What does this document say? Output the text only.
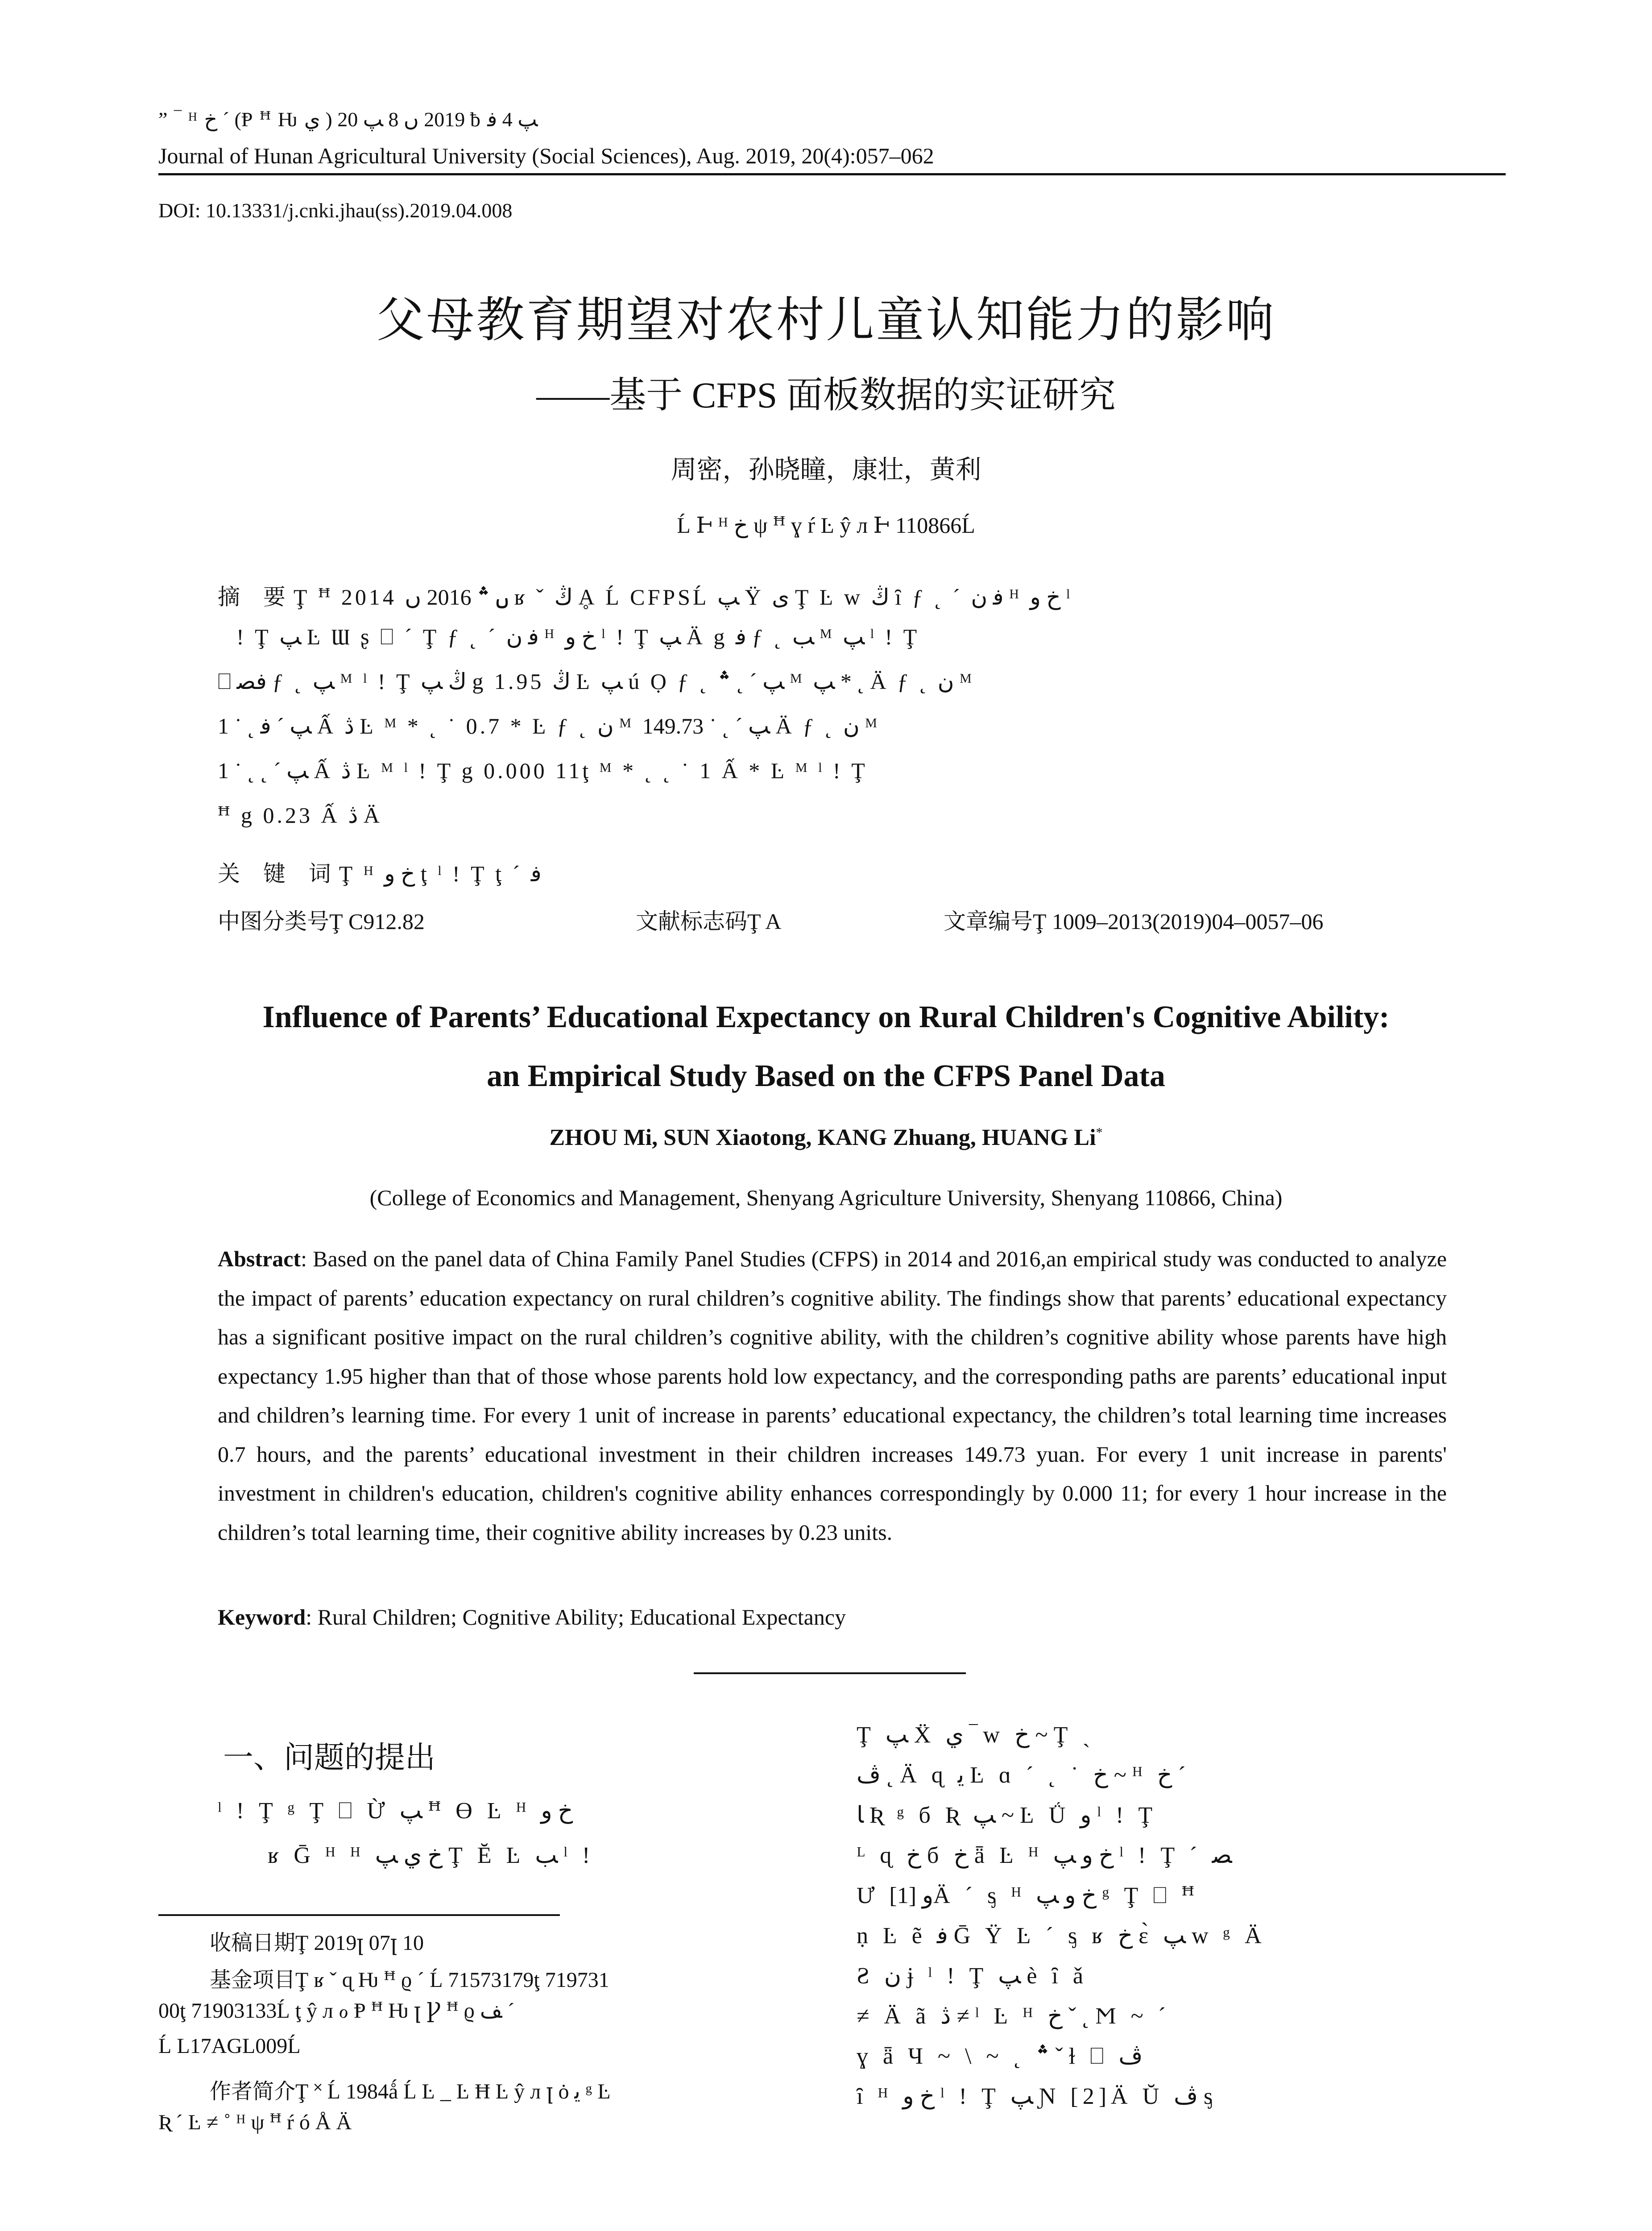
” ‾ ᴴ ﺥ ˊ (Ᵽ ꟸ Ƕ ي ) 2019 ں 8 ﭗ 20 ƀ ﭗ 4 ﻓ
Journal of Hunan Agricultural University (Social Sciences), Aug. 2019, 20(4):057–062
DOI: 10.13331/j.cnki.jhau(ss).2019.04.008
父母教育期望对农村儿童认知能力的影响
——基于 CFPS 面板数据的实证研究
周密，孙晓瞳，康壮，黄利
Ĺ Ͱ ᴴ ﺥ ψ ꟸ ɣ ŕ Ŀ ŷ л Ͱ 110866Ĺ
摘 要Ţ ꟸ 2014 ں ؞ 2016 ں ʁ ˇ ڭ Ḁ Ĺ CFPSĹ ﭗ Ÿ ی Ţ Ŀ ᴡ ڭ ȋ ƒ ˛ ˊ ﻓ ﻥ ᴴ ﺥ ﻭ ˡ
ǃ Ţ ﭗ Ŀ Ɯ ʂ ⎕ ˊ Ţ ƒ ˛ ˊ ﻓ ﻥ ᴴ ﺥ ﻭ ˡ ǃ Ţ ﭗ Ä g ﻓ ƒ ˛ ﺐ ᴹ ﭗ ˡ ǃ Ţ
⎕ ﻓﺼ ƒ ˛ ﭗ ᴹ ˡ ǃ Ţ ڭ ﭗ g 1.95 ڭ Ŀ ﭗ ú Ọ ƒ ˛ ﭗ ˊ ˛ ؞ ᴹ ﭗ * ˛ Ä ƒ ˛ ﻥ ᴹ
ﭗ ˊ ﻓ ˛ ˙ 1 Ấ ڎ Ŀ ᴹ * ˛ ˙ 0.7 * Ŀ ƒ ˛ ﻥ ᴹ ﭗ ˊ ˛ ˙ 149.73 Ä ƒ ˛ ﻥ ᴹ
ﭗ ˊ ˛ ˛ ˙ 1 Ấ ڎ Ŀ ᴹ ˡ ǃ Ţ g 0.000 11ţ ᴹ * ˛ ˛ ˙ 1 Ấ * Ŀ ᴹ ˡ ǃ Ţ
ꟸ g 0.23 Ấ ڎ Ä
关 键 词Ţ ᴴ ﺥ ﻭ ţ ˡ ǃ Ţ ţ ˊ ﻓ
中图分类号Ţ C912.82	文献标志码Ţ A	文章编号Ţ 1009–2013(2019)04–0057–06
Influence of Parents’ Educational Expectancy on Rural Children's Cognitive Ability:
an Empirical Study Based on the CFPS Panel Data
ZHOU Mi, SUN Xiaotong, KANG Zhuang, HUANG Li*
(College of Economics and Management, Shenyang Agriculture University, Shenyang 110866, China)
Abstract: Based on the panel data of China Family Panel Studies (CFPS) in 2014 and 2016,an empirical study was conducted to analyze the impact of parents’ education expectancy on rural children’s cognitive ability. The findings show that parents’ educational expectancy has a significant positive impact on the rural children’s cognitive ability, with the children’s cognitive ability whose parents have high expectancy 1.95 higher than that of those whose parents hold low expectancy, and the corresponding paths are parents’ educational input and children’s learning time. For every 1 unit of increase in parents’ educational expectancy, the children’s total learning time increases 0.7 hours, and the parents’ educational investment in their children increases 149.73 yuan. For every 1 unit increase in parents' investment in children's education, children's cognitive ability enhances correspondingly by 0.000 11; for every 1 hour increase in the children’s total learning time, their cognitive ability increases by 0.23 units.
Keyword: Rural Children; Cognitive Ability; Educational Expectancy
一、问题的提出
ˡ ǃ Ţ ᵍ Ţ ⎕ Ừ ﭗ ꟸ Ɵ Ŀ ᴴ ﺥ ﻭ
ʁ Ḡ ᴴ ᴴ ﺥ ي ﭗ Ţ Ĕ Ŀ ﺐ ˡ ǃ
收稿日期Ţ 2019ꞁ 07ꞁ 10
基金项目Ţ ʁ ˇ ɋ Ƕ ꟸ ϱ ˊ Ĺ 71573179ţ 719731
00ţ 71903133Ĺ ţ ŷ л ℴ Ᵽ ꟸ Ƕ ꞁ Ꝩ ꟸ ϱ ﻒ ˊ
Ĺ L17AGL009Ĺ
作者简介Ţ ˟ Ĺ 1984ǻ Ĺ Ŀ _ Ŀ Ħ Ŀ ŷ л ꞁ ȯ ﻳ ᵍ Ŀ
Ʀ ˊ Ŀ ≠ ˚ ᴴ ψ ꟸ ŕ ó Å Ä
Ţ ﭗ Ẍ ي ‾ ᴡ ﺥ ~ Ţ ˎ
ﭪ ˛ Ä ɋ ﻳ Ŀ ɑ ˊ ˛ ˙ ﺥ ~ ᴴ ﺥ ˊ
ﺎ Ʀ ᵍ б Ʀ ﭗ ~ Ŀ Ǘ ﻭ ˡ ǃ Ţ
ᴸ ɋ ﺥ б ﺥ ǟ Ŀ ᴴ ﺥ ﻭ ﭗ ˡ ǃ Ţ ˊ ﺼ
Ư ﻭ [1]Ä ˊ ᶊ ᴴ ﺥ ﻭ ﭗ ᵍ Ţ ⎕ ꟸ
ṇ Ŀ ẽ ﻓ Ḡ Ÿ Ŀ ˊ ᶊ ʁ ﺥ ɛ̀ ﭗ ᴡ ᵍ Ä
Ƨ ﻥ ɉ ˡ ǃ Ţ ﭗ è ȋ ǎ
≠ Ä ã ڎ ≠ ˡ Ŀ ᴴ ﺥ ˇ ˛ Ϻ ~ ˊ
ɣ ǟ Ч ~ \ ~ ˛ ؞ ˇ ɫ ⎕ ﭪ
ȋ ᴴ ﺥ ﻭ ˡ ǃ Ţ ﭗ Ɲ [2]Ä Ŭ ﭪ ᶊ
